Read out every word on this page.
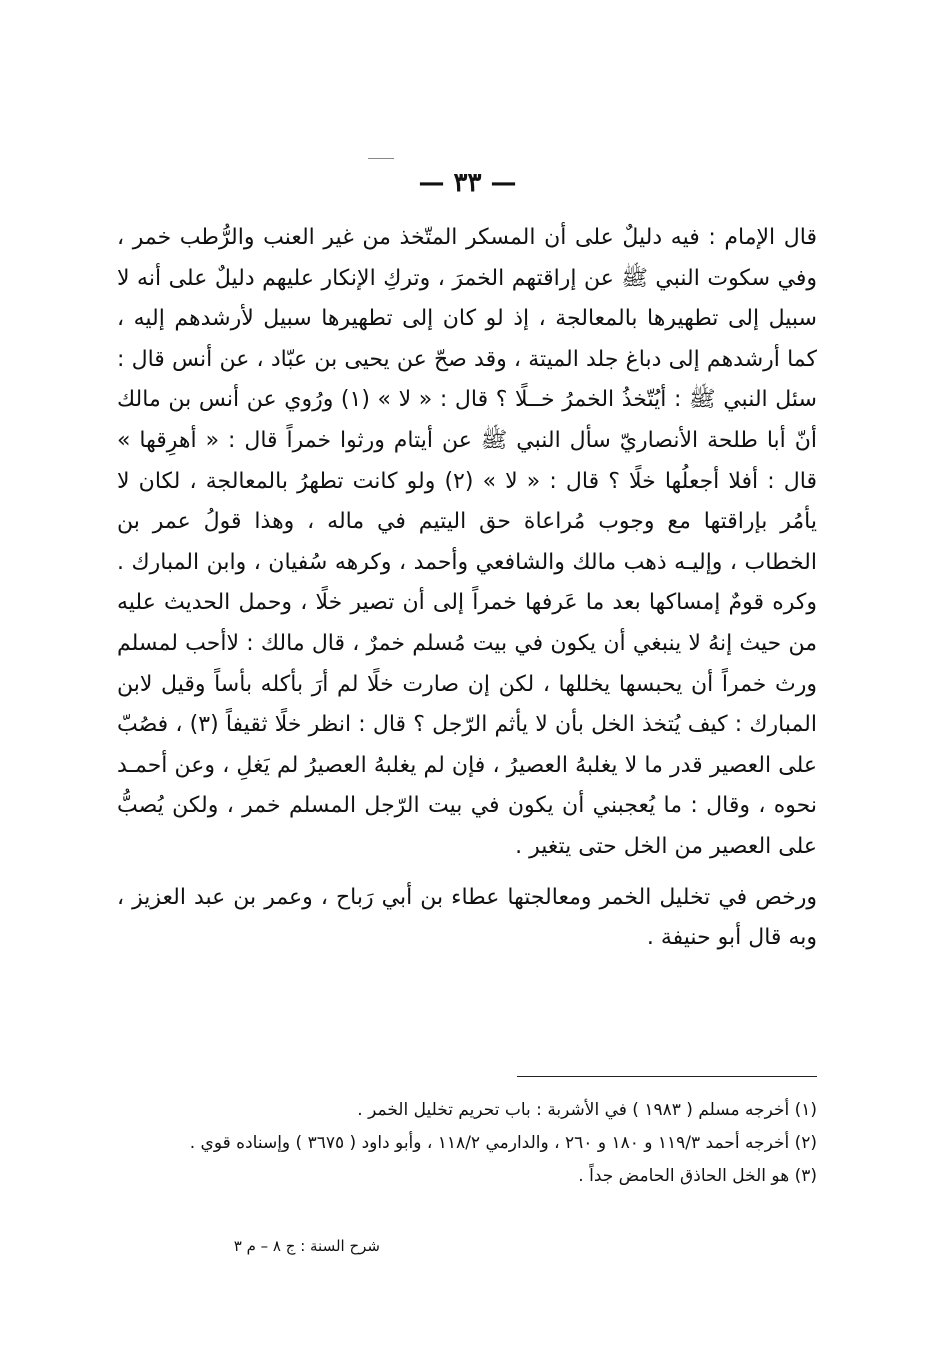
— ٣٣ —

قال الإمام : فيه دليلٌ على أن المسكر المتّخذ من غير العنب والرُّطب خمر ، وفي سكوت النبي ﷺ عن إراقتهم الخمرَ ، وتركِ الإنكار عليهم دليلٌ على أنه لا سبيل إلى تطهيرها بالمعالجة ، إذ لو كان إلى تطهيرها سبيل لأرشدهم إليه ، كما أرشدهم إلى دباغ جلد الميتة ، وقد صحّ عن يحيى بن عبّاد ، عن أنس قال : سئل النبي ﷺ : أيُتّخذُ الخمرُ خــلًا ؟ قال : « لا » (١) ورُوي عن أنس بن مالك أنّ أبا طلحة الأنصاريّ سأل النبي ﷺ عن أيتام ورثوا خمراً قال : « أهرِقها » قال : أفلا أجعلُها خلًا ؟ قال : « لا » (٢) ولو كانت تطهرُ بالمعالجة ، لكان لا يأمُر بإراقتها مع وجوب مُراعاة حق اليتيم في ماله ، وهذا قولُ عمر بن الخطاب ، وإليـه ذهب مالك والشافعي وأحمد ، وكرهه سُفيان ، وابن المبارك . وكره قومٌ إمساكها بعد ما عَرفها خمراً إلى أن تصير خلًا ، وحمل الحديث عليه من حيث إنهُ لا ينبغي أن يكون في بيت مُسلم خمرٌ ، قال مالك : لاأحب لمسلم ورث خمراً أن يحبسها يخللها ، لكن إن صارت خلًا لم أرَ بأكله بأساً وقيل لابن المبارك : كيف يُتخذ الخل بأن لا يأثم الرّجل ؟ قال : انظر خلًا ثقيفاً (٣) ، فصُبّ على العصير قدر ما لا يغلبهُ العصيرُ ، فإن لم يغلبهُ العصيرُ لم يَغلِ ، وعن أحمـد نحوه ، وقال : ما يُعجبني أن يكون في بيت الرّجل المسلم خمر ، ولكن يُصبُّ على العصير من الخل حتى يتغير .

ورخص في تخليل الخمر ومعالجتها عطاء بن أبي رَباح ، وعمر بن عبد العزيز ، وبه قال أبو حنيفة .

(١) أخرجه مسلم ( ١٩٨٣ ) في الأشربة : باب تحريم تخليل الخمر .
(٢) أخرجه أحمد ١١٩/٣ و ١٨٠ و ٢٦٠ ، والدارمي ١١٨/٢ ، وأبو داود ( ٣٦٧٥ ) وإسناده قوي .
(٣) هو الخل الحاذق الحامض جداً .
شرح السنة : ج ٨ – م ٣
